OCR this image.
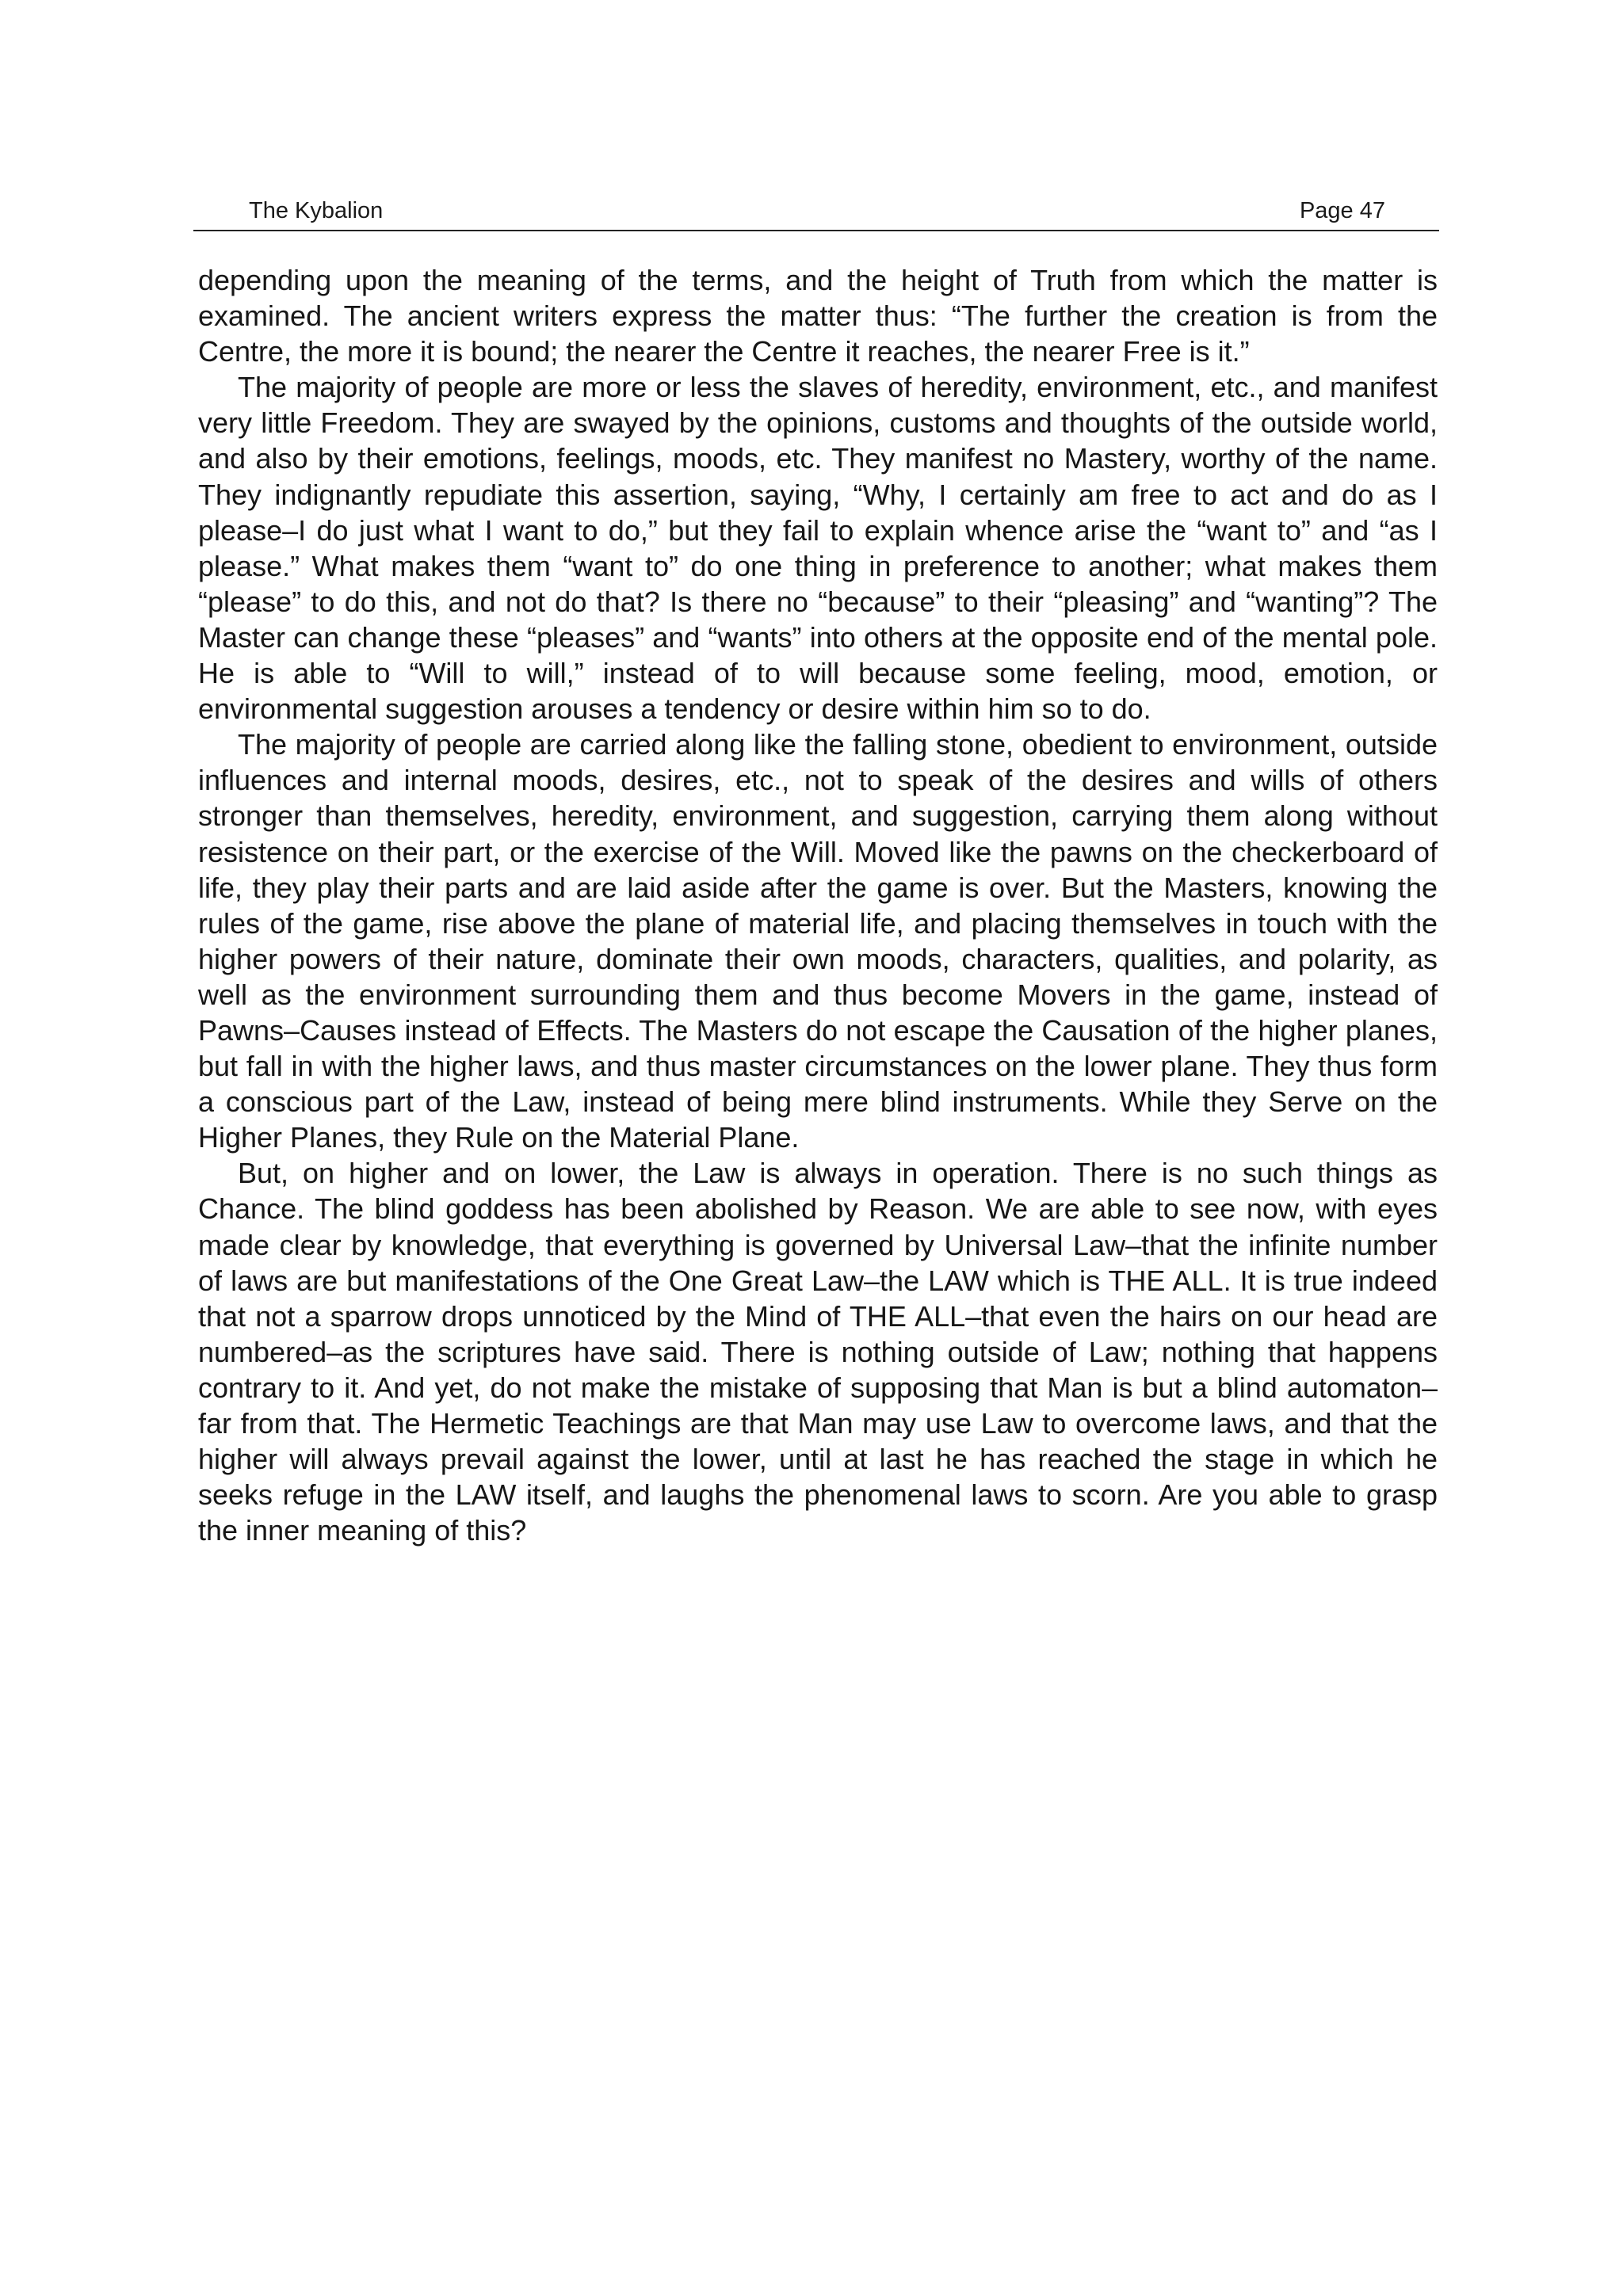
The Kybalion	Page 47

depending upon the meaning of the terms, and the height of Truth from which the matter is examined. The ancient writers express the matter thus: “The further the creation is from the Centre, the more it is bound; the nearer the Centre it reaches, the nearer Free is it.”

The majority of people are more or less the slaves of heredity, environment, etc., and manifest very little Freedom. They are swayed by the opinions, customs and thoughts of the outside world, and also by their emotions, feelings, moods, etc. They manifest no Mastery, worthy of the name. They indignantly repudiate this assertion, saying, “Why, I certainly am free to act and do as I please–I do just what I want to do,” but they fail to explain whence arise the “want to” and “as I please.” What makes them “want to” do one thing in preference to another; what makes them “please” to do this, and not do that? Is there no “because” to their “pleasing” and “wanting”? The Master can change these “pleases” and “wants” into others at the opposite end of the mental pole. He is able to “Will to will,” instead of to will because some feeling, mood, emotion, or environmental suggestion arouses a tendency or desire within him so to do.

The majority of people are carried along like the falling stone, obedient to environment, outside influences and internal moods, desires, etc., not to speak of the desires and wills of others stronger than themselves, heredity, environment, and suggestion, carrying them along without resistence on their part, or the exercise of the Will. Moved like the pawns on the checkerboard of life, they play their parts and are laid aside after the game is over. But the Masters, knowing the rules of the game, rise above the plane of material life, and placing themselves in touch with the higher powers of their nature, dominate their own moods, characters, qualities, and polarity, as well as the environment surrounding them and thus become Movers in the game, instead of Pawns–Causes instead of Effects. The Masters do not escape the Causation of the higher planes, but fall in with the higher laws, and thus master circumstances on the lower plane. They thus form a conscious part of the Law, instead of being mere blind instruments. While they Serve on the Higher Planes, they Rule on the Material Plane.

But, on higher and on lower, the Law is always in operation. There is no such things as Chance. The blind goddess has been abolished by Reason. We are able to see now, with eyes made clear by knowledge, that everything is governed by Universal Law–that the infinite number of laws are but manifestations of the One Great Law–the LAW which is THE ALL. It is true indeed that not a sparrow drops unnoticed by the Mind of THE ALL–that even the hairs on our head are numbered–as the scriptures have said. There is nothing outside of Law; nothing that happens contrary to it. And yet, do not make the mistake of supposing that Man is but a blind automaton–far from that. The Hermetic Teachings are that Man may use Law to overcome laws, and that the higher will always prevail against the lower, until at last he has reached the stage in which he seeks refuge in the LAW itself, and laughs the phenomenal laws to scorn. Are you able to grasp the inner meaning of this?
